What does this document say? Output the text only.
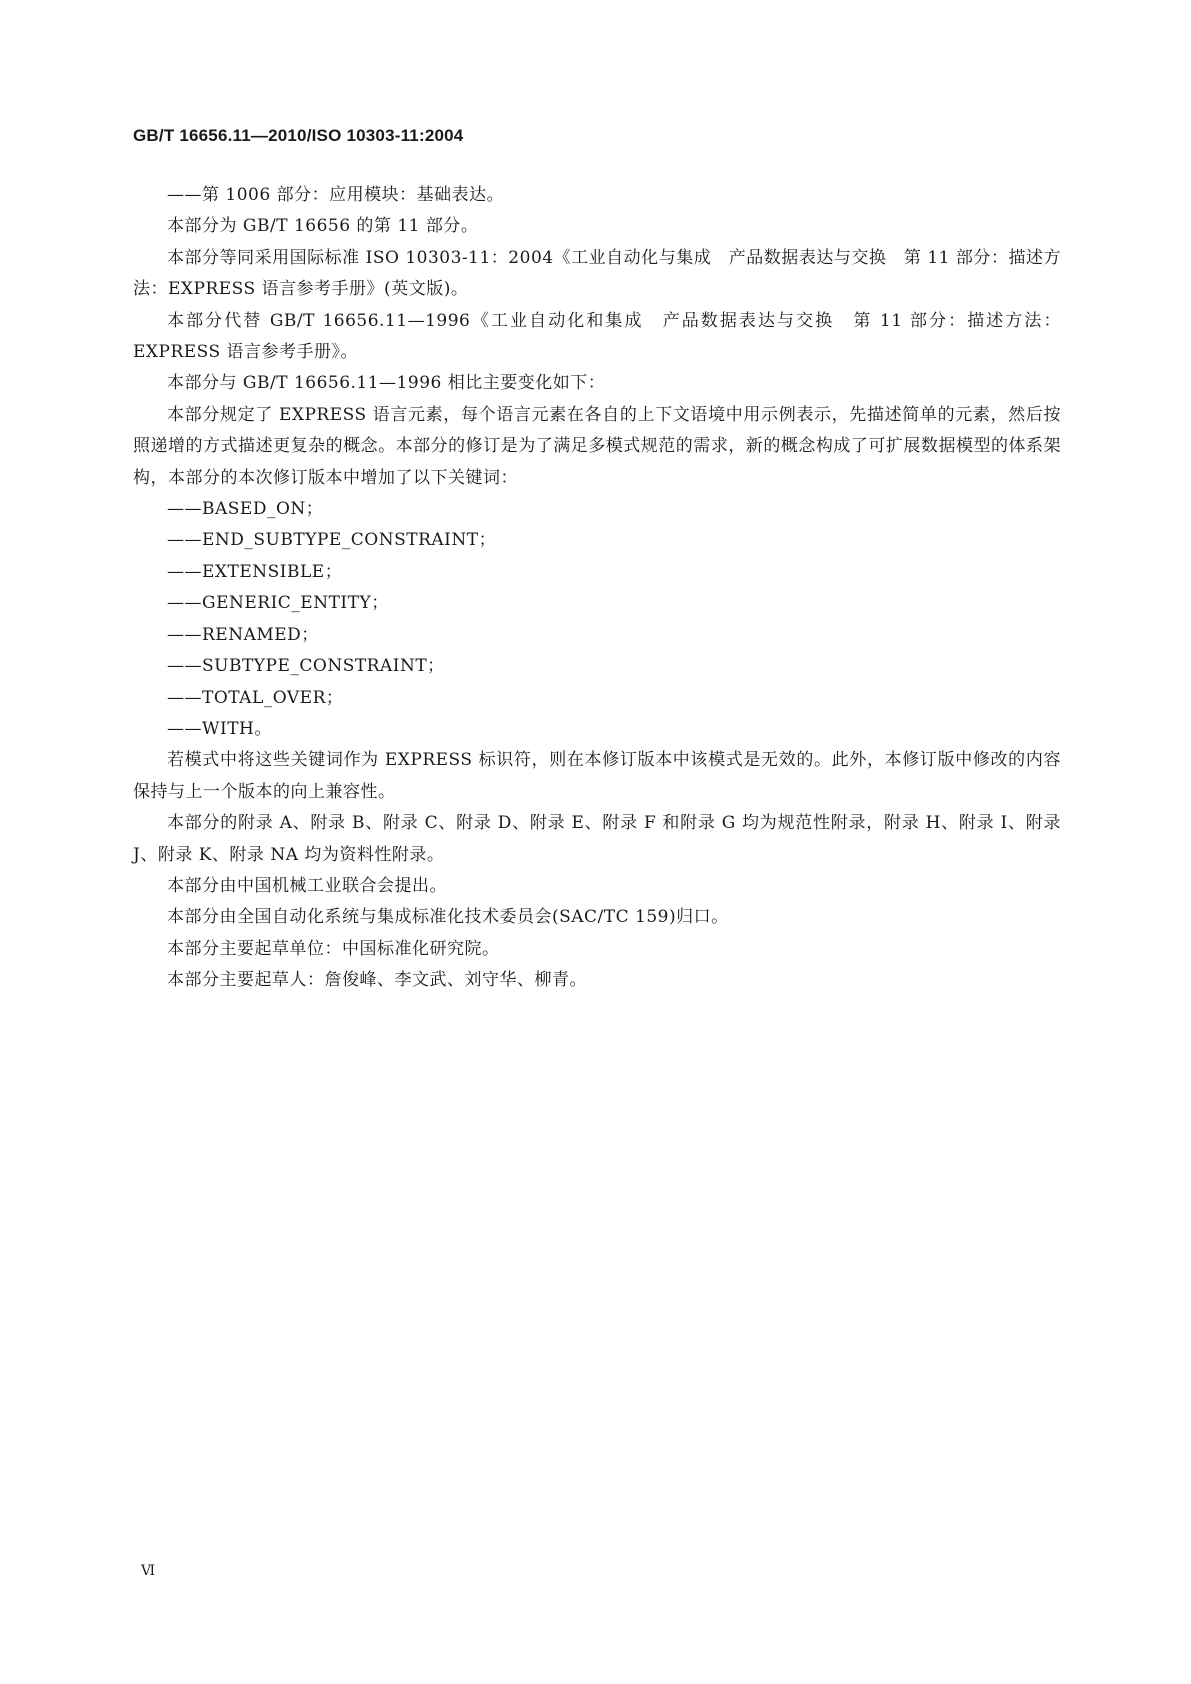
GB/T 16656.11—2010/ISO 10303-11:2004

——第 1006 部分：应用模块：基础表达。

本部分为 GB/T 16656 的第 11 部分。

本部分等同采用国际标准 ISO 10303-11：2004《工业自动化与集成　产品数据表达与交换　第 11 部分：描述方法：EXPRESS 语言参考手册》(英文版)。

本部分代替 GB/T 16656.11—1996《工业自动化和集成　产品数据表达与交换　第 11 部分：描述方法：EXPRESS 语言参考手册》。

本部分与 GB/T 16656.11—1996 相比主要变化如下：

本部分规定了 EXPRESS 语言元素，每个语言元素在各自的上下文语境中用示例表示，先描述简单的元素，然后按照递增的方式描述更复杂的概念。本部分的修订是为了满足多模式规范的需求，新的概念构成了可扩展数据模型的体系架构，本部分的本次修订版本中增加了以下关键词：

——BASED_ON；

——END_SUBTYPE_CONSTRAINT；

——EXTENSIBLE；

——GENERIC_ENTITY；

——RENAMED；

——SUBTYPE_CONSTRAINT；

——TOTAL_OVER；

——WITH。

若模式中将这些关键词作为 EXPRESS 标识符，则在本修订版本中该模式是无效的。此外，本修订版中修改的内容保持与上一个版本的向上兼容性。

本部分的附录 A、附录 B、附录 C、附录 D、附录 E、附录 F 和附录 G 均为规范性附录，附录 H、附录 I、附录 J、附录 K、附录 NA 均为资料性附录。

本部分由中国机械工业联合会提出。

本部分由全国自动化系统与集成标准化技术委员会(SAC/TC 159)归口。

本部分主要起草单位：中国标准化研究院。

本部分主要起草人：詹俊峰、李文武、刘守华、柳青。

Ⅵ
